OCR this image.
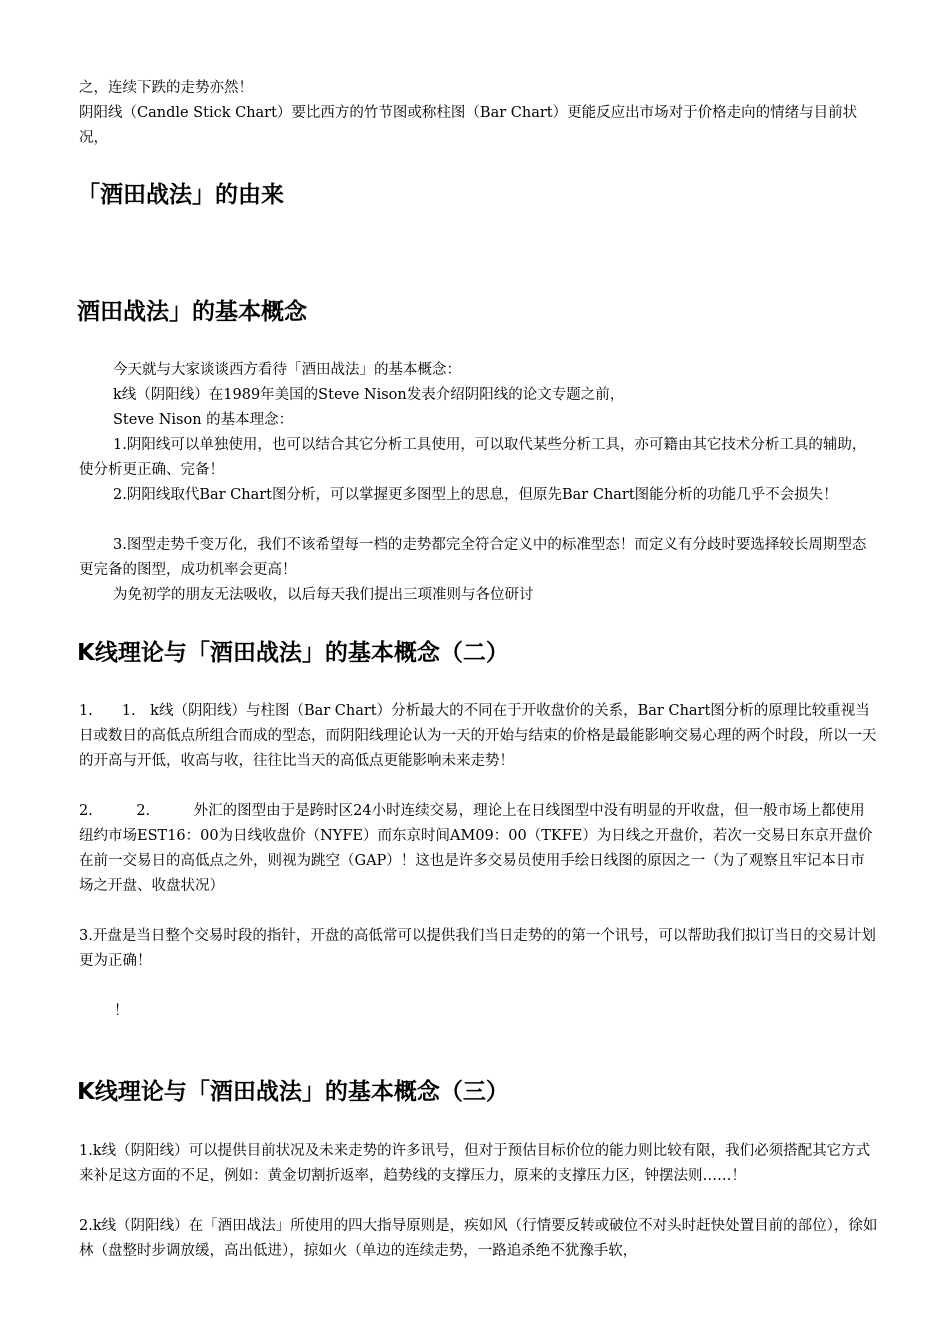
之，连续下跌的走势亦然！

阴阳线（Candle Stick Chart）要比西方的竹节图或称柱图（Bar Chart）更能反应出市场对于价格走向的情绪与目前状况，

「酒田战法」的由来
酒田战法」的基本概念

今天就与大家谈谈西方看待「酒田战法」的基本概念：

k线（阴阳线）在1989年美国的Steve Nison发表介绍阴阳线的论文专题之前，

Steve Nison 的基本理念：

1.阴阳线可以单独使用，也可以结合其它分析工具使用，可以取代某些分析工具，亦可籍由其它技术分析工具的辅助，使分析更正确、完备！

2.阴阳线取代Bar Chart图分析，可以掌握更多图型上的思息，但原先Bar Chart图能分析的功能几乎不会损失！

3.图型走势千变万化，我们不该希望每一档的走势都完全符合定义中的标准型态！而定义有分歧时要选择较长周期型态更完备的图型，成功机率会更高！

为免初学的朋友无法吸收，以后每天我们提出三项准则与各位研讨

K线理论与「酒田战法」的基本概念（二）

1.　　1.　k线（阴阳线）与柱图（Bar Chart）分析最大的不同在于开收盘价的关系，Bar Chart图分析的原理比较重视当日或数日的高低点所组合而成的型态，而阴阳线理论认为一天的开始与结束的价格是最能影响交易心理的两个时段，所以一天的开高与开低，收高与收，往往比当天的高低点更能影响未来走势！

2.　　　2.　　　外汇的图型由于是跨时区24小时连续交易，理论上在日线图型中没有明显的开收盘，但一般市场上都使用纽约市场EST16：00为日线收盘价（NYFE）而东京时间AM09：00（TKFE）为日线之开盘价，若次一交易日东京开盘价在前一交易日的高低点之外，则视为跳空（GAP）！这也是许多交易员使用手绘日线图的原因之一（为了观察且牢记本日市场之开盘、收盘状况）

3.开盘是当日整个交易时段的指针，开盘的高低常可以提供我们当日走势的的第一个讯号，可以帮助我们拟订当日的交易计划更为正确！

！

K线理论与「酒田战法」的基本概念（三）

1.k线（阴阳线）可以提供目前状况及未来走势的许多讯号，但对于预估目标价位的能力则比较有限，我们必须搭配其它方式来补足这方面的不足，例如：黄金切割折返率，趋势线的支撑压力，原来的支撑压力区，钟摆法则……！

2.k线（阴阳线）在「酒田战法」所使用的四大指导原则是，疾如风（行情要反转或破位不对头时赶快处置目前的部位），徐如林（盘整时步调放缓，高出低进），掠如火（单边的连续走势，一路追杀绝不犹豫手软，
